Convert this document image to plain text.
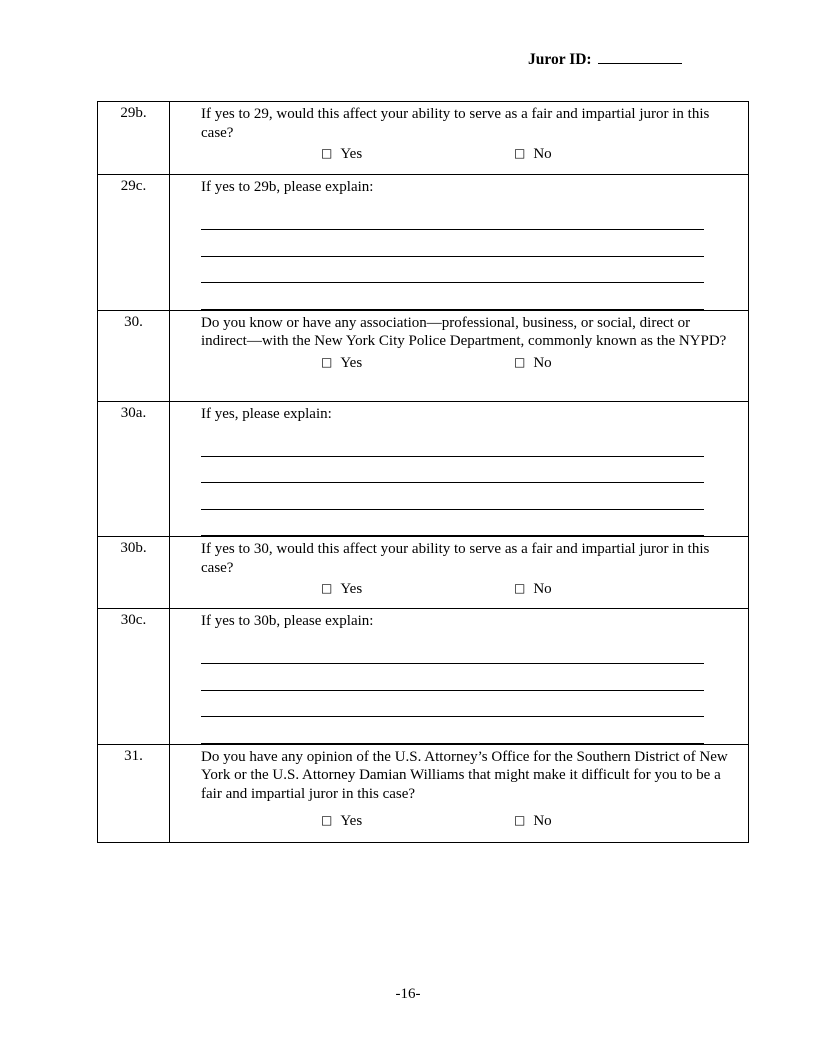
Juror ID:
29b.	If yes to 29, would this affect your ability to serve as a fair and impartial juror in this case?
□ Yes □ No

29c.	If yes to 29b, please explain:

30.	Do you know or have any association—professional, business, or social, direct or indirect—with the New York City Police Department, commonly known as the NYPD?
□ Yes □ No

30a.	If yes, please explain:

30b.	If yes to 30, would this affect your ability to serve as a fair and impartial juror in this case?
□ Yes □ No

30c.	If yes to 30b, please explain:

31.	Do you have any opinion of the U.S. Attorney’s Office for the Southern District of New York or the U.S. Attorney Damian Williams that might make it difficult for you to be a fair and impartial juror in this case?
□ Yes □ No
-16-
